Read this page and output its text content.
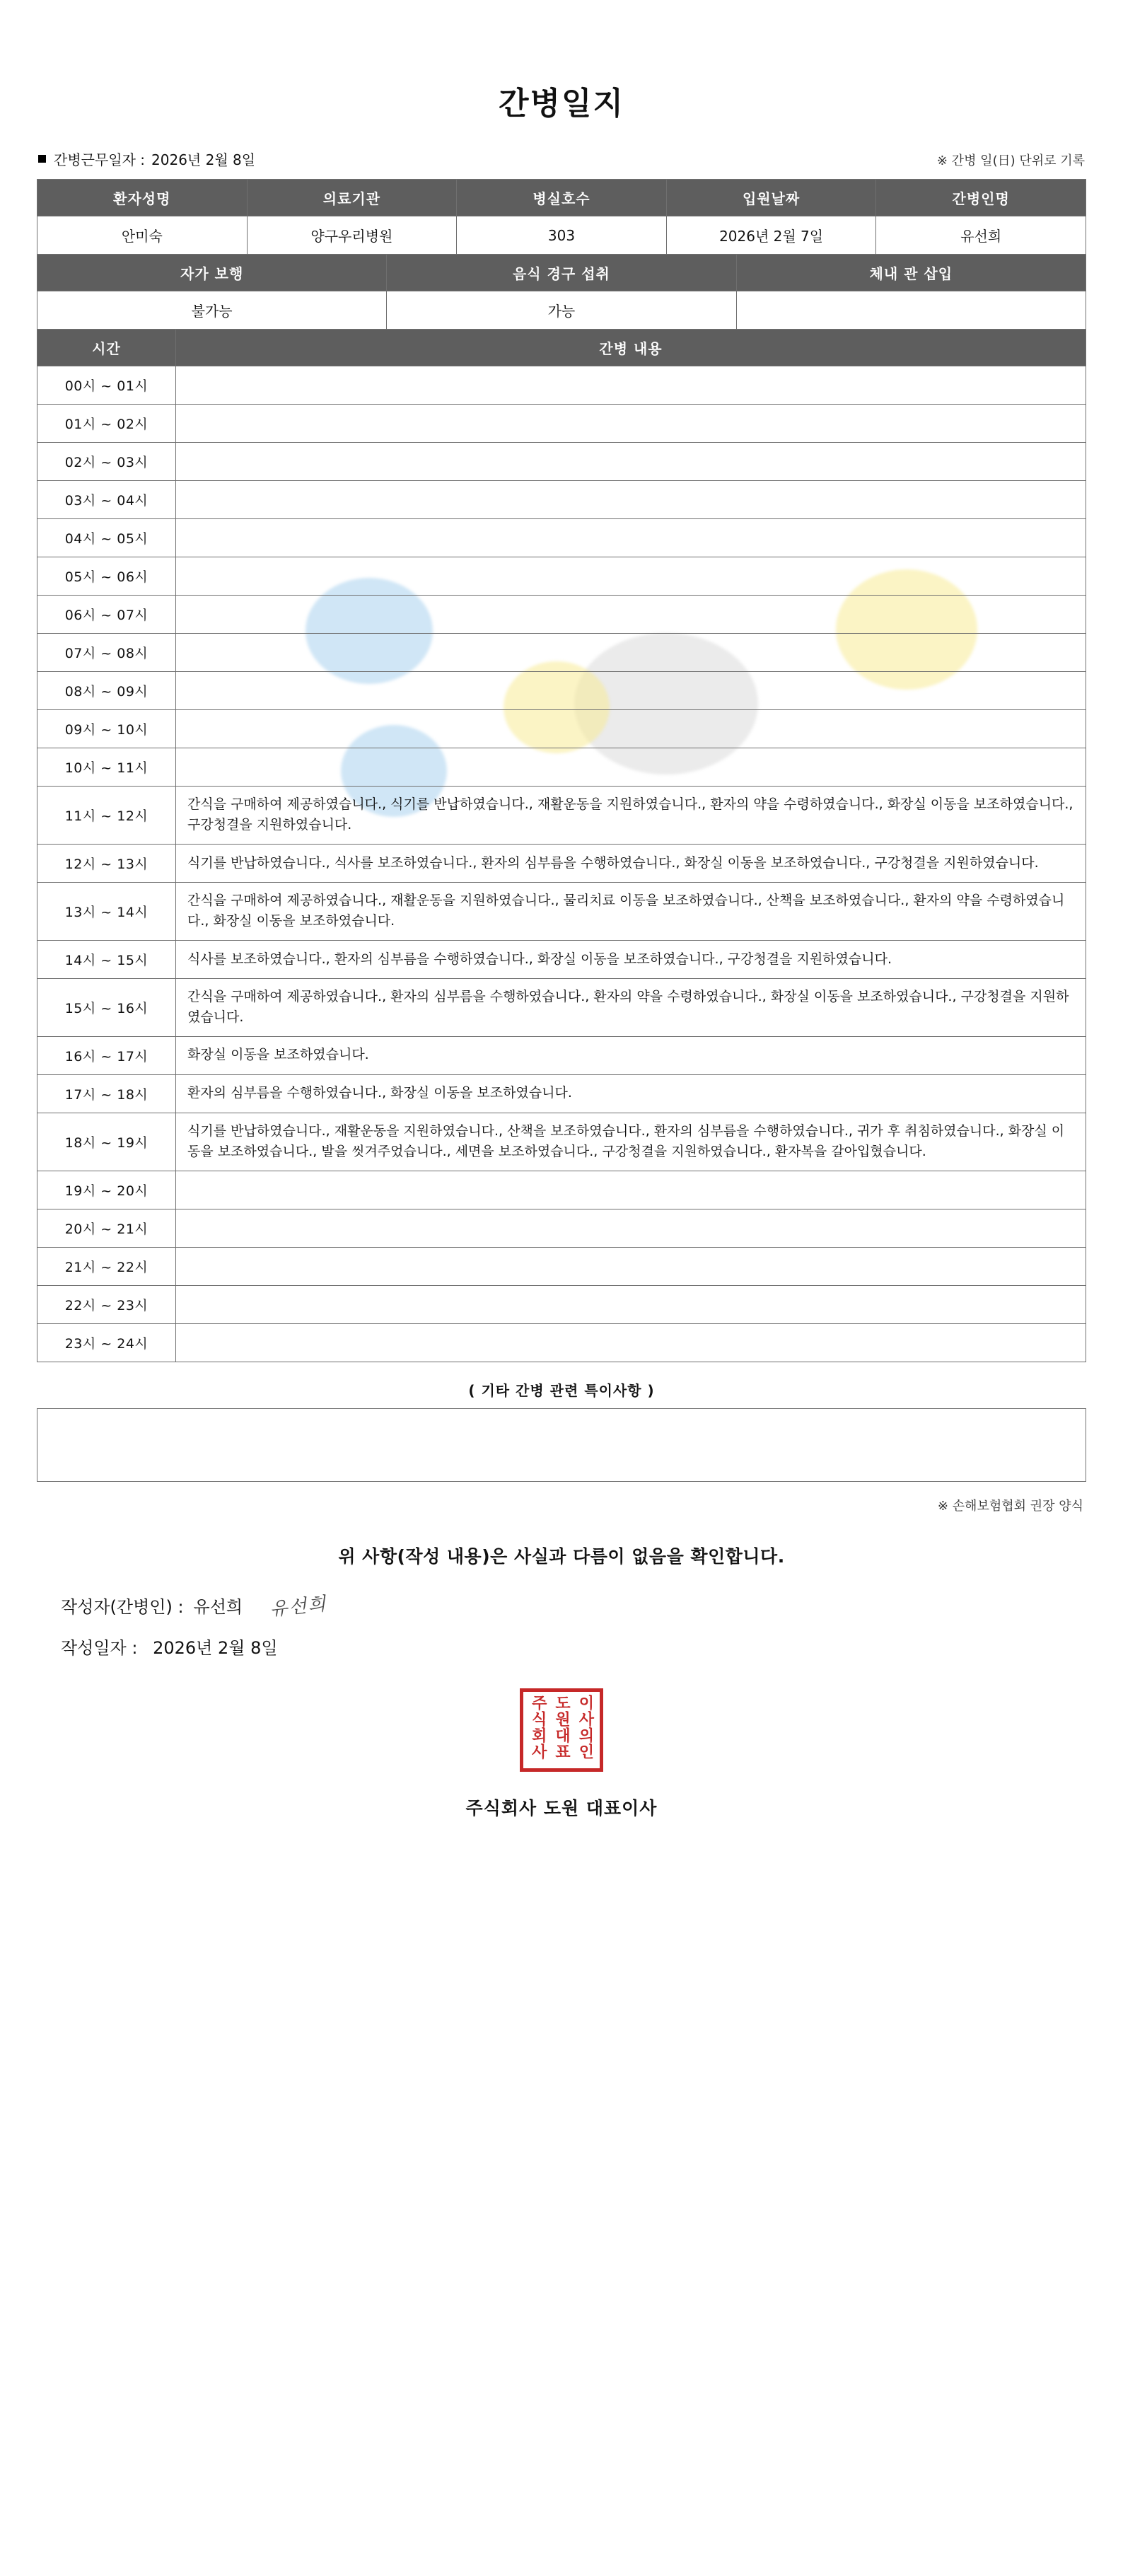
간병일지
간병근무일자 : 2026년 2월 8일	※ 간병 일(日) 단위로 기록
환자성명	의료기관	병실호수	입원날짜	간병인명
안미숙	양구우리병원	303	2026년 2월 7일	유선희
자가 보행	음식 경구 섭취	체내 관 삽입
불가능	가능	
시간	간병 내용
00시 ~ 01시	
01시 ~ 02시	
02시 ~ 03시	
03시 ~ 04시	
04시 ~ 05시	
05시 ~ 06시	
06시 ~ 07시	
07시 ~ 08시	
08시 ~ 09시	
09시 ~ 10시	
10시 ~ 11시	
11시 ~ 12시	간식을 구매하여 제공하였습니다., 식기를 반납하였습니다., 재활운동을 지원하였습니다., 환자의 약을 수령하였습니다., 화장실 이동을 보조하였습니다., 구강청결을 지원하였습니다.
12시 ~ 13시	식기를 반납하였습니다., 식사를 보조하였습니다., 환자의 심부름을 수행하였습니다., 화장실 이동을 보조하였습니다., 구강청결을 지원하였습니다.
13시 ~ 14시	간식을 구매하여 제공하였습니다., 재활운동을 지원하였습니다., 물리치료 이동을 보조하였습니다., 산책을 보조하였습니다., 환자의 약을 수령하였습니다., 화장실 이동을 보조하였습니다.
14시 ~ 15시	식사를 보조하였습니다., 환자의 심부름을 수행하였습니다., 화장실 이동을 보조하였습니다., 구강청결을 지원하였습니다.
15시 ~ 16시	간식을 구매하여 제공하였습니다., 환자의 심부름을 수행하였습니다., 환자의 약을 수령하였습니다., 화장실 이동을 보조하였습니다., 구강청결을 지원하였습니다.
16시 ~ 17시	화장실 이동을 보조하였습니다.
17시 ~ 18시	환자의 심부름을 수행하였습니다., 화장실 이동을 보조하였습니다.
18시 ~ 19시	식기를 반납하였습니다., 재활운동을 지원하였습니다., 산책을 보조하였습니다., 환자의 심부름을 수행하였습니다., 귀가 후 취침하였습니다., 화장실 이동을 보조하였습니다., 발을 씻겨주었습니다., 세면을 보조하였습니다., 구강청결을 지원하였습니다., 환자복을 갈아입혔습니다.
19시 ~ 20시	
20시 ~ 21시	
21시 ~ 22시	
22시 ~ 23시	
23시 ~ 24시	
( 기타 간병 관련 특이사항 )
※ 손해보험협회 권장 양식
위 사항(작성 내용)은 사실과 다름이 없음을 확인합니다.
작성자(간병인) : 유선희 유선희
작성일자 : 2026년 2월 8일
주식회사 도원대표 이사의인
주식회사 도원 대표이사
